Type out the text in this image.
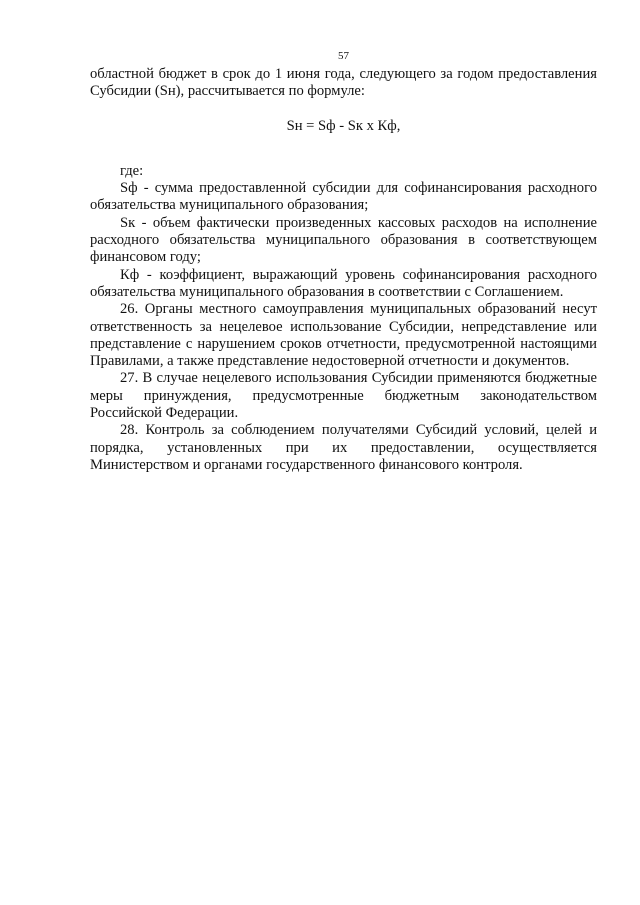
57

областной бюджет в срок до 1 июня года, следующего за годом предоставления Субсидии (Sн), рассчитывается по формуле:

Sн = Sф - Sк х Кф,

где:

Sф - сумма предоставленной субсидии для софинансирования расходного обязательства муниципального образования;

Sк - объем фактически произведенных кассовых расходов на исполнение расходного обязательства муниципального образования в соответствующем финансовом году;

Кф - коэффициент, выражающий уровень софинансирования расходного обязательства муниципального образования в соответствии с Соглашением.

26. Органы местного самоуправления муниципальных образований несут ответственность за нецелевое использование Субсидии, непредставление или представление с нарушением сроков отчетности, предусмотренной настоящими Правилами, а также представление недостоверной отчетности и документов.

27. В случае нецелевого использования Субсидии применяются бюджетные меры принуждения, предусмотренные бюджетным законодательством Российской Федерации.

28. Контроль за соблюдением получателями Субсидий условий, целей и порядка, установленных при их предоставлении, осуществляется Министерством и органами государственного финансового контроля.
